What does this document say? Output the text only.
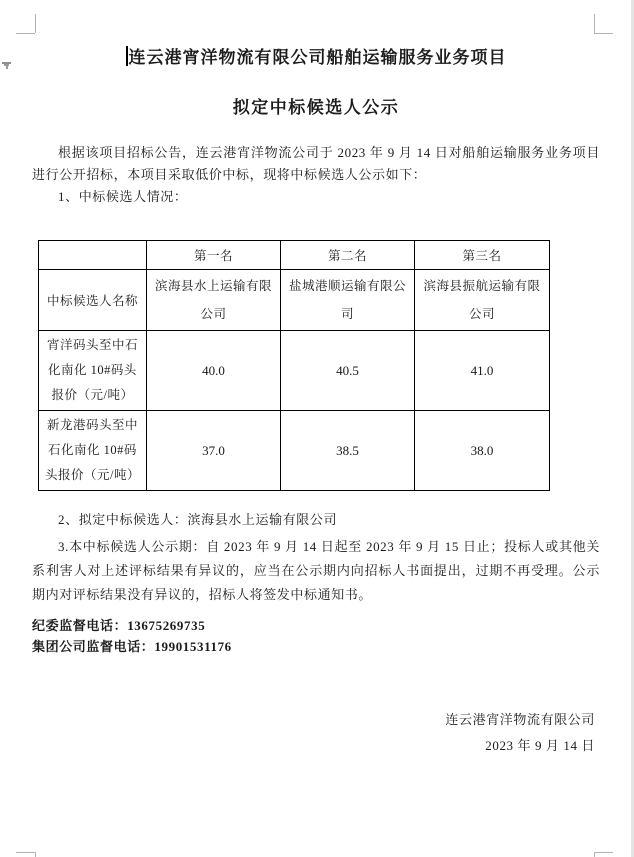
连云港宵洋物流有限公司船舶运输服务业务项目
拟定中标候选人公示

根据该项目招标公告，连云港宵洋物流公司于 2023 年 9 月 14 日对船舶运输服务业务项目进行公开招标，本项目采取低价中标，现将中标候选人公示如下：

1、中标候选人情况：

	第一名	第二名	第三名
中标候选人名称	滨海县水上运输有限公司	盐城港顺运输有限公司	滨海县振航运输有限公司
宵洋码头至中石化南化 10#码头报价（元/吨）	40.0	40.5	41.0
新龙港码头至中石化南化 10#码头报价（元/吨）	37.0	38.5	38.0

2、拟定中标候选人：滨海县水上运输有限公司

3.本中标候选人公示期：自 2023 年 9 月 14 日起至 2023 年 9 月 15 日止；投标人或其他关系利害人对上述评标结果有异议的，应当在公示期内向招标人书面提出，过期不再受理。公示期内对评标结果没有异议的，招标人将签发中标通知书。

纪委监督电话：13675269735
集团公司监督电话：19901531176
连云港宵洋物流有限公司
2023 年 9 月 14 日
